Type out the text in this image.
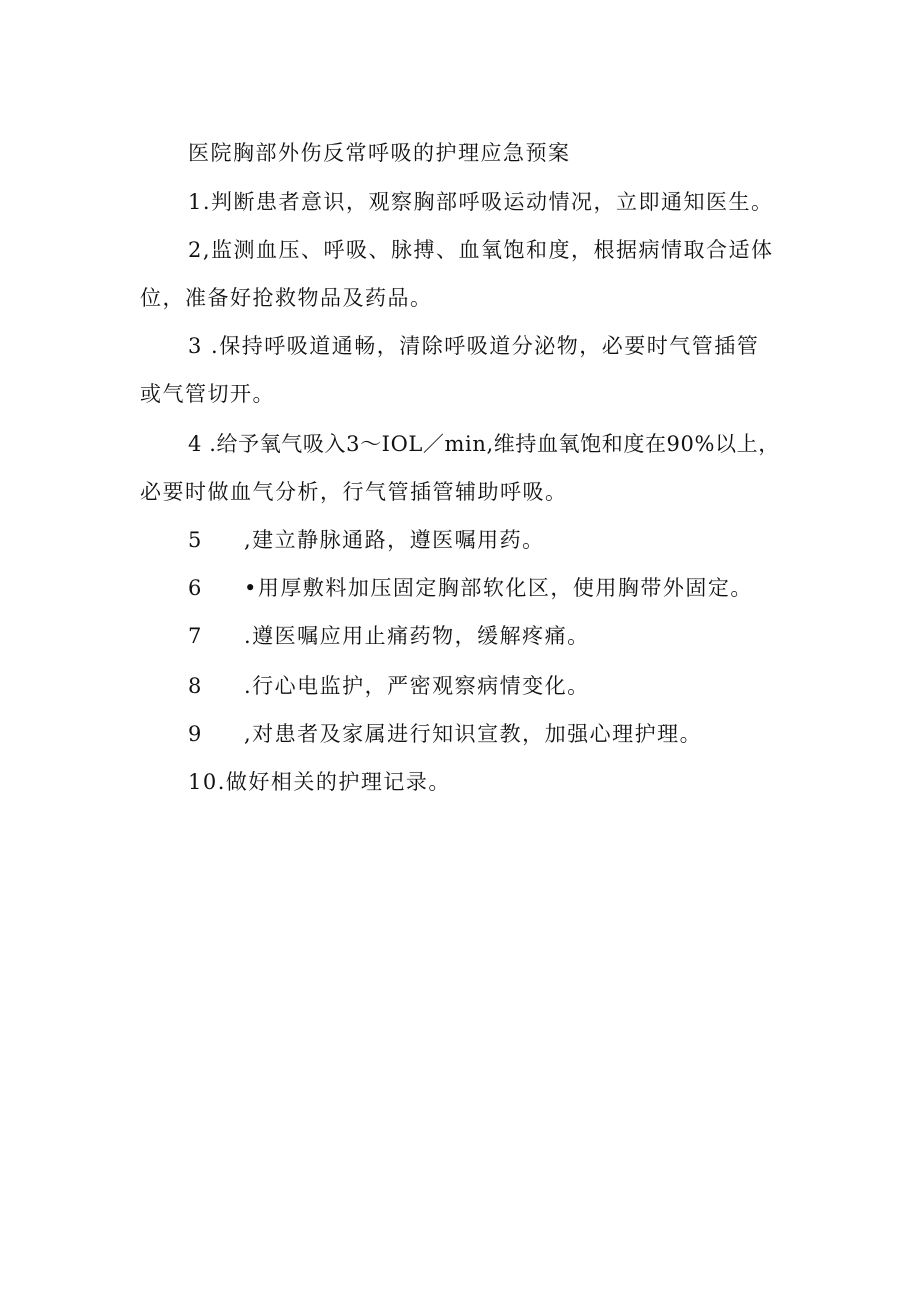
医院胸部外伤反常呼吸的护理应急预案
1.判断患者意识，观察胸部呼吸运动情况，立即通知医生。
2,监测血压、呼吸、脉搏、血氧饱和度，根据病情取合适体
位，准备好抢救物品及药品。
3 .保持呼吸道通畅，清除呼吸道分泌物，必要时气管插管
或气管切开。
4 .给予氧气吸入3〜IOL／min,维持血氧饱和度在90%以上，
必要时做血气分析，行气管插管辅助呼吸。
5 ,建立静脉通路，遵医嘱用药。
6 •用厚敷料加压固定胸部软化区，使用胸带外固定。
7 .遵医嘱应用止痛药物，缓解疼痛。
8 .行心电监护，严密观察病情变化。
9 ,对患者及家属进行知识宣教，加强心理护理。
10.做好相关的护理记录。
